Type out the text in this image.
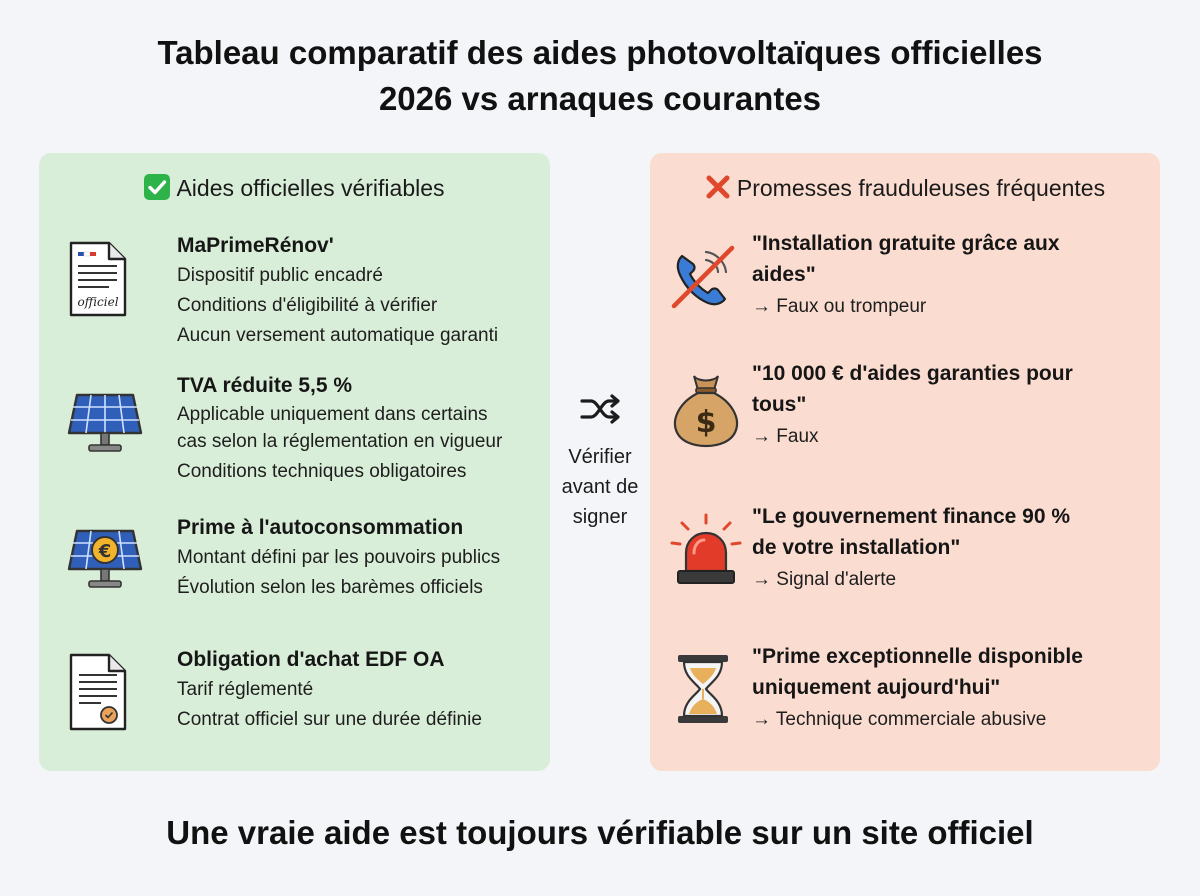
Tableau comparatif des aides photovoltaïques officielles
2026 vs arnaques courantes
Aides officielles vérifiables
officiel
MaPrimeRénov'
Dispositif public encadré
Conditions d'éligibilité à vérifier
Aucun versement automatique garanti
TVA réduite 5,5 %
Applicable uniquement dans certains
cas selon la réglementation en vigueur
Conditions techniques obligatoires
€
Prime à l'autoconsommation
Montant défini par les pouvoirs publics
Évolution selon les barèmes officiels
Obligation d'achat EDF OA
Tarif réglementé
Contrat officiel sur une durée définie
Vérifier
avant de
signer
Promesses frauduleuses fréquentes
"Installation gratuite grâce aux
aides"
→ Faux ou trompeur
$
"10 000 € d'aides garanties pour
tous"
→ Faux
"Le gouvernement finance 90 %
de votre installation"
→ Signal d'alerte
"Prime exceptionnelle disponible
uniquement aujourd'hui"
→ Technique commerciale abusive
Une vraie aide est toujours vérifiable sur un site officiel
